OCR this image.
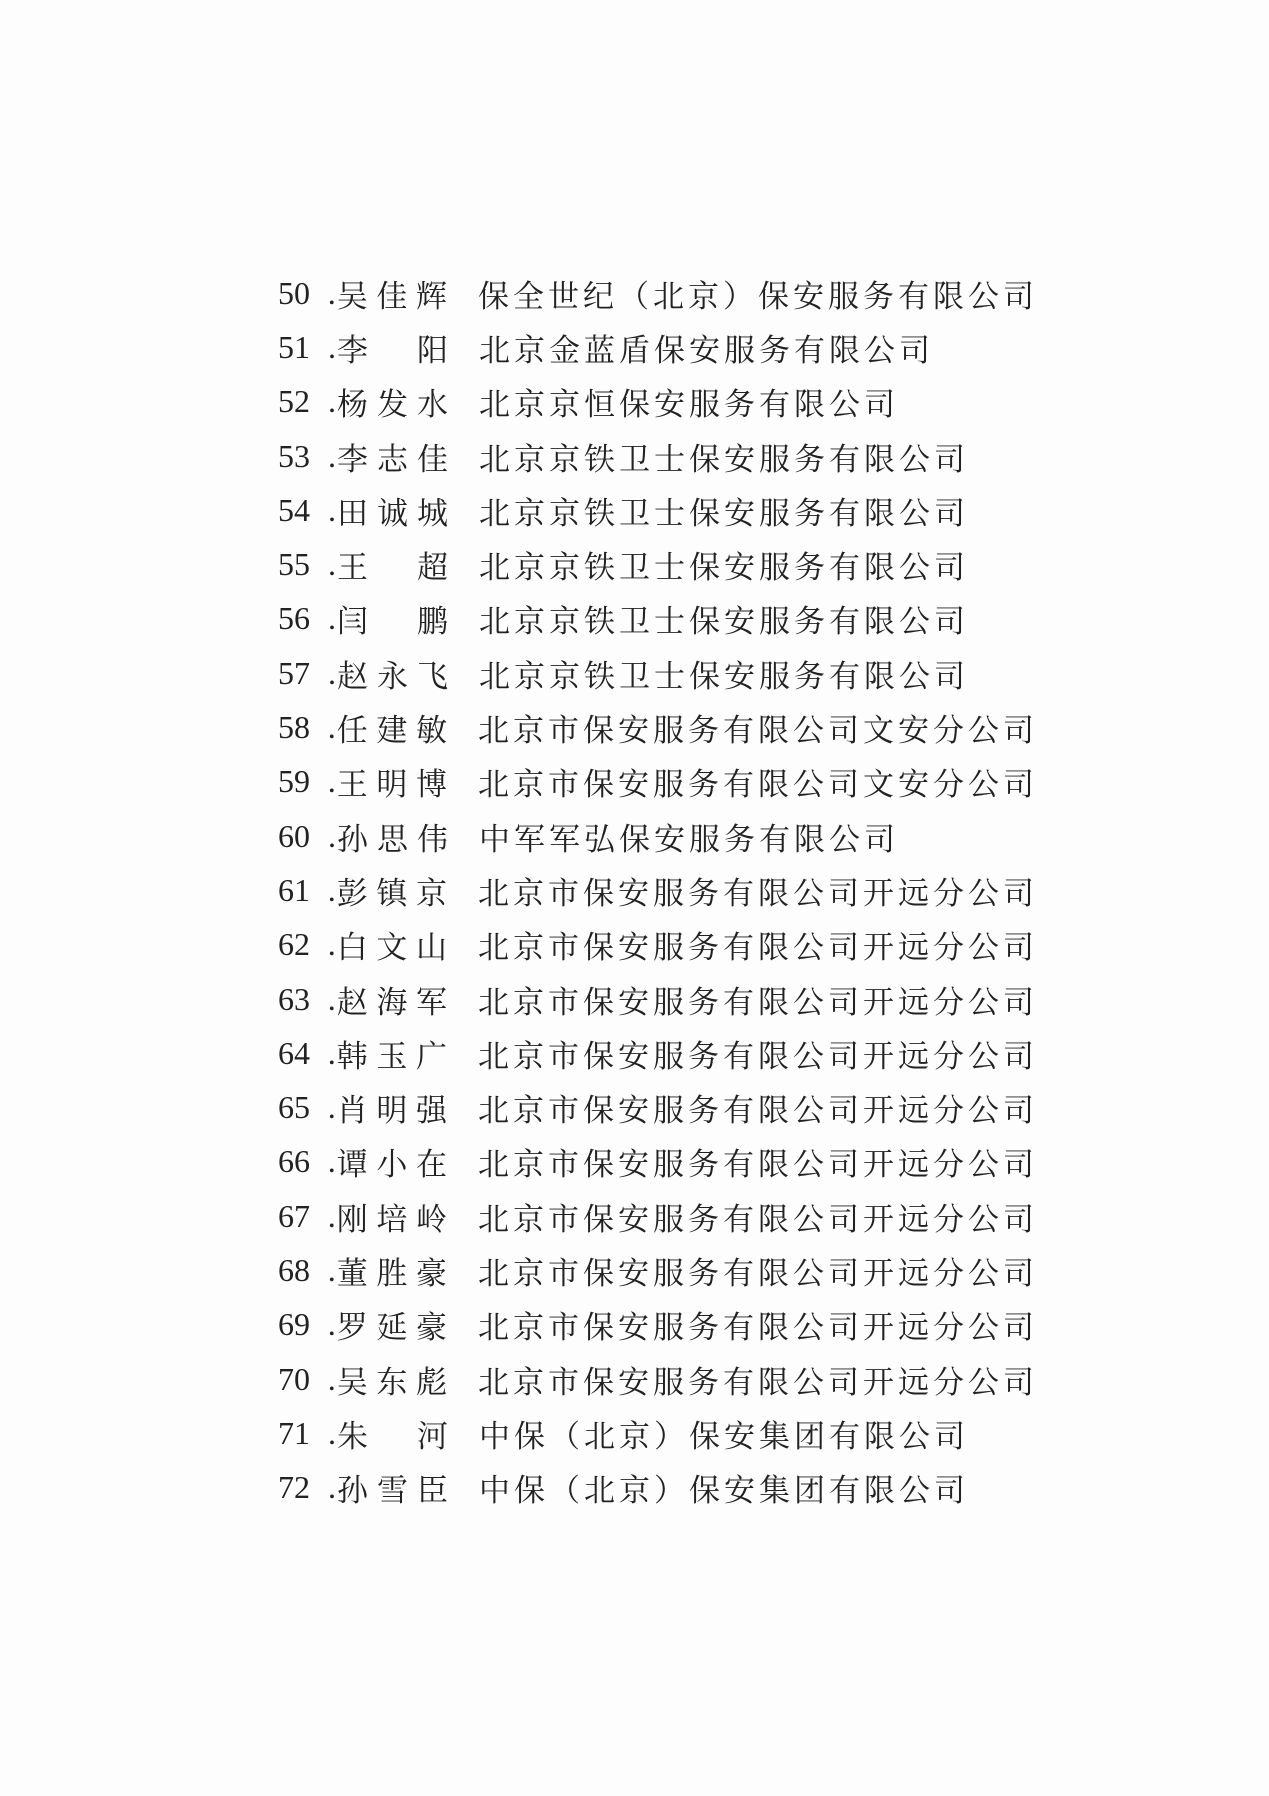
50 . 吴佳辉 保全世纪（北京）保安服务有限公司
51 . 李　阳 北京金蓝盾保安服务有限公司
52 . 杨发水 北京京恒保安服务有限公司
53 . 李志佳 北京京铁卫士保安服务有限公司
54 . 田诚城 北京京铁卫士保安服务有限公司
55 . 王　超 北京京铁卫士保安服务有限公司
56 . 闫　鹏 北京京铁卫士保安服务有限公司
57 . 赵永飞 北京京铁卫士保安服务有限公司
58 . 任建敏 北京市保安服务有限公司文安分公司
59 . 王明博 北京市保安服务有限公司文安分公司
60 . 孙思伟 中军军弘保安服务有限公司
61 . 彭镇京 北京市保安服务有限公司开远分公司
62 . 白文山 北京市保安服务有限公司开远分公司
63 . 赵海军 北京市保安服务有限公司开远分公司
64 . 韩玉广 北京市保安服务有限公司开远分公司
65 . 肖明强 北京市保安服务有限公司开远分公司
66 . 谭小在 北京市保安服务有限公司开远分公司
67 . 刚培岭 北京市保安服务有限公司开远分公司
68 . 董胜豪 北京市保安服务有限公司开远分公司
69 . 罗延豪 北京市保安服务有限公司开远分公司
70 . 吴东彪 北京市保安服务有限公司开远分公司
71 . 朱　河 中保（北京）保安集团有限公司
72 . 孙雪臣 中保（北京）保安集团有限公司
